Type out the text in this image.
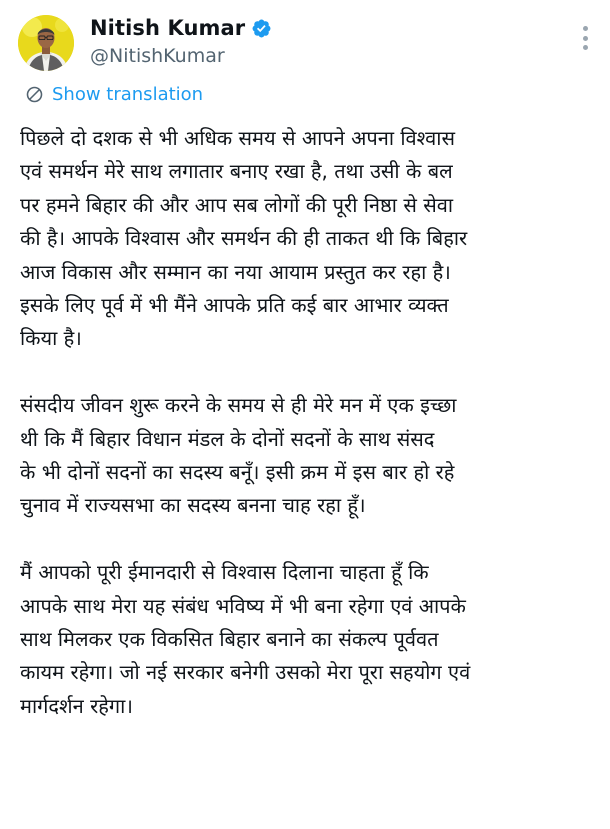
Nitish Kumar
@NitishKumar
Show translation

पिछले दो दशक से भी अधिक समय से आपने अपना विश्वास
एवं समर्थन मेरे साथ लगातार बनाए रखा है, तथा उसी के बल
पर हमने बिहार की और आप सब लोगों की पूरी निष्ठा से सेवा
की है। आपके विश्वास और समर्थन की ही ताकत थी कि बिहार
आज विकास और सम्मान का नया आयाम प्रस्तुत कर रहा है।
इसके लिए पूर्व में भी मैंने आपके प्रति कई बार आभार व्यक्त
किया है।

संसदीय जीवन शुरू करने के समय से ही मेरे मन में एक इच्छा
थी कि मैं बिहार विधान मंडल के दोनों सदनों के साथ संसद
के भी दोनों सदनों का सदस्य बनूँ। इसी क्रम में इस बार हो रहे
चुनाव में राज्यसभा का सदस्य बनना चाह रहा हूँ।

मैं आपको पूरी ईमानदारी से विश्वास दिलाना चाहता हूँ कि
आपके साथ मेरा यह संबंध भविष्य में भी बना रहेगा एवं आपके
साथ मिलकर एक विकसित बिहार बनाने का संकल्प पूर्ववत
कायम रहेगा। जो नई सरकार बनेगी उसको मेरा पूरा सहयोग एवं
मार्गदर्शन रहेगा।
